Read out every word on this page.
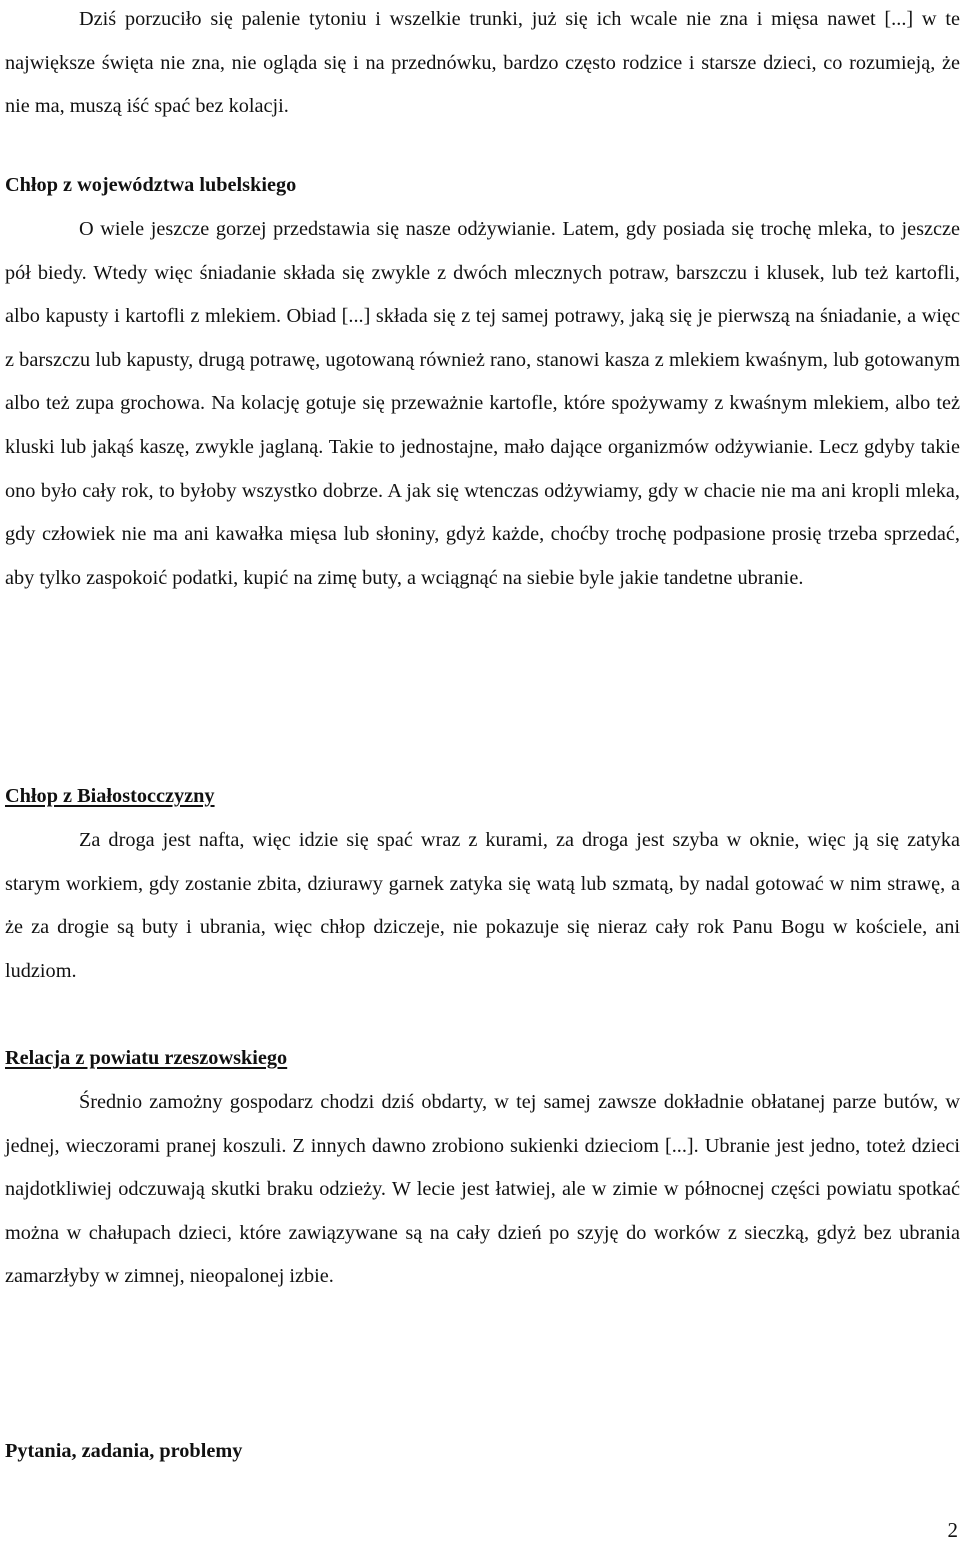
Dziś porzuciło się palenie tytoniu i wszelkie trunki, już się ich wcale nie zna i mięsa nawet [...] w te największe święta nie zna, nie ogląda się i na przednówku, bardzo często rodzice i starsze dzieci, co rozumieją, że nie ma, muszą iść spać bez kolacji.

Chłop z województwa lubelskiego

O wiele jeszcze gorzej przedstawia się nasze odżywianie. Latem, gdy posiada się trochę mleka, to jeszcze pół biedy. Wtedy więc śniadanie składa się zwykle z dwóch mlecznych potraw, barszczu i klusek, lub też kartofli, albo kapusty i kartofli z mlekiem. Obiad [...] składa się z tej samej potrawy, jaką się je pierwszą na śniadanie, a więc z barszczu lub kapusty, drugą potrawę, ugotowaną również rano, stanowi kasza z mlekiem kwaśnym, lub gotowanym albo też zupa grochowa. Na kolację gotuje się przeważnie kartofle, które spożywamy z kwaśnym mlekiem, albo też kluski lub jakąś kaszę, zwykle jaglaną. Takie to jednostajne, mało dające organizmów odżywianie. Lecz gdyby takie ono było cały rok, to byłoby wszystko dobrze. A jak się wtenczas odżywiamy, gdy w chacie nie ma ani kropli mleka, gdy człowiek nie ma ani kawałka mięsa lub słoniny, gdyż każde, choćby trochę podpasione prosię trzeba sprzedać, aby tylko zaspokoić podatki, kupić na zimę buty, a wciągnąć na siebie byle jakie tandetne ubranie.

Chłop z Białostocczyzny

Za droga jest nafta, więc idzie się spać wraz z kurami, za droga jest szyba w oknie, więc ją się zatyka starym workiem, gdy zostanie zbita, dziurawy garnek zatyka się watą lub szmatą, by nadal gotować w nim strawę, a że za drogie są buty i ubrania, więc chłop dziczeje, nie pokazuje się nieraz cały rok Panu Bogu w kościele, ani ludziom.

Relacja z powiatu rzeszowskiego

Średnio zamożny gospodarz chodzi dziś obdarty, w tej samej zawsze dokładnie obłatanej parze butów, w jednej, wieczorami pranej koszuli. Z innych dawno zrobiono sukienki dzieciom [...]. Ubranie jest jedno, toteż dzieci najdotkliwiej odczuwają skutki braku odzieży. W lecie jest łatwiej, ale w zimie w północnej części powiatu spotkać można w chałupach dzieci, które zawiązywane są na cały dzień po szyję do worków z sieczką, gdyż bez ubrania zamarzłyby w zimnej, nieopalonej izbie.

Pytania, zadania, problemy

2
